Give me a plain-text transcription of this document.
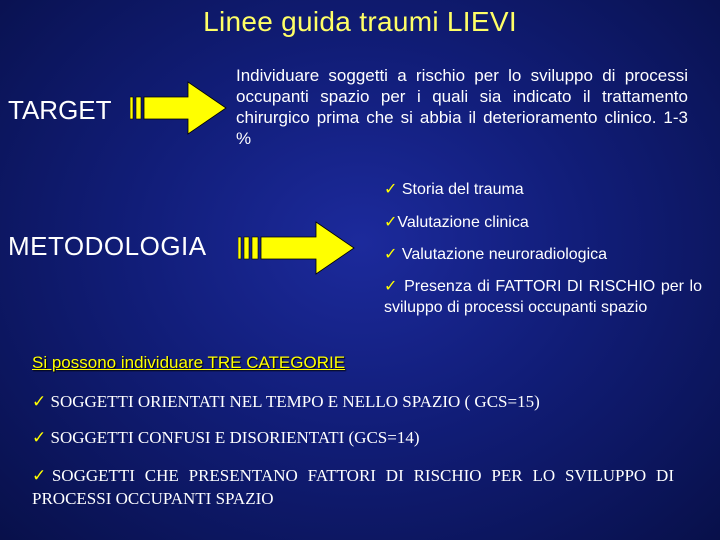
Linee guida traumi LIEVI
TARGET
Individuare soggetti a rischio per lo sviluppo di processi occupanti spazio per i quali sia indicato il trattamento chirurgico prima che si abbia il deterioramento clinico. 1-3 %
METODOLOGIA
✓ Storia del trauma
✓Valutazione clinica
✓ Valutazione neuroradiologica
✓ Presenza di FATTORI DI RISCHIO per lo sviluppo di processi occupanti spazio
Si possono individuare TRE CATEGORIE
✓ SOGGETTI ORIENTATI NEL TEMPO E NELLO SPAZIO ( GCS=15)
✓ SOGGETTI CONFUSI E DISORIENTATI (GCS=14)
✓SOGGETTI CHE PRESENTANO FATTORI DI RISCHIO PER LO SVILUPPO DI PROCESSI OCCUPANTI SPAZIO
